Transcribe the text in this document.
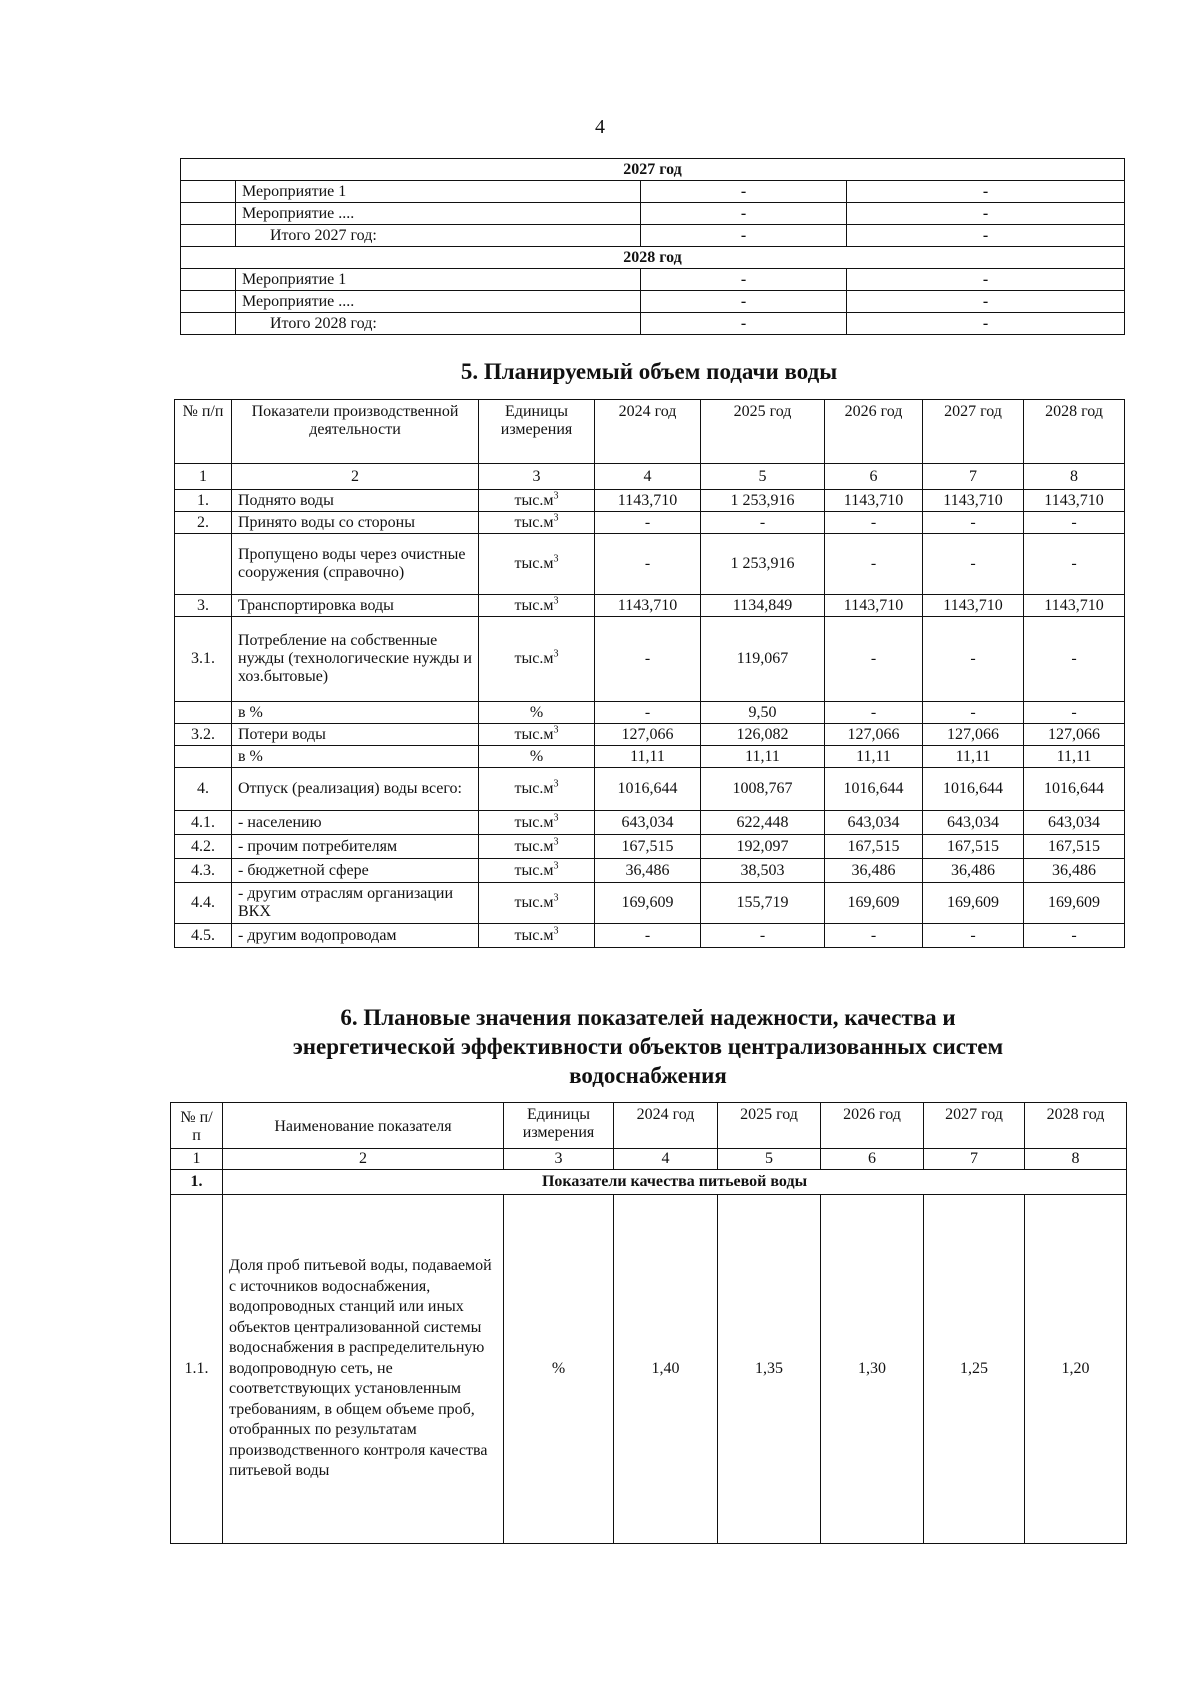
4
2027 год			
	Мероприятие 1	-	-
	Мероприятие ....	-	-
	Итого 2027 год:	-	-
2028 год			
	Мероприятие 1	-	-
	Мероприятие ....	-	-
	Итого 2028 год:	-	-
5. Планируемый объем подачи воды
№ п/п	Показатели производственной деятельности	Единицы измерения	2024 год	2025 год	2026 год	2027 год	2028 год
1	2	3	4	5	6	7	8
1.	Поднято воды	$тыс.м^3$	1143,710	1 253,916	1143,710	1143,710	1143,710
2.	Принято воды со стороны	$тыс.м^3$	-	-	-	-	-
	Пропущено воды через очистные сооружения (справочно)	$тыс.м^3$	-	1 253,916	-	-	-
3.	Транспортировка воды	$тыс.м^3$	1143,710	1134,849	1143,710	1143,710	1143,710
3.1.	Потребление на собственные нужды (технологические нужды и хоз.бытовые)	$тыс.м^3$	-	119,067	-	-	-
	в %	%	-	9,50	-	-	-
3.2.	Потери воды	$тыс.м^3$	127,066	126,082	127,066	127,066	127,066
	в %	%	11,11	11,11	11,11	11,11	11,11
4.	Отпуск (реализация) воды всего:	$тыс.м^3$	1016,644	1008,767	1016,644	1016,644	1016,644
4.1.	- населению	$тыс.м^3$	643,034	622,448	643,034	643,034	643,034
4.2.	- прочим потребителям	$тыс.м^3$	167,515	192,097	167,515	167,515	167,515
4.3.	- бюджетной сфере	$тыс.м^3$	36,486	38,503	36,486	36,486	36,486
4.4.	- другим отраслям организации ВКХ	$тыс.м^3$	169,609	155,719	169,609	169,609	169,609
4.5.	- другим водопроводам	$тыс.м^3$	-	-	-	-	-
6. Плановые значения показателей надежности, качества и
энергетической эффективности объектов централизованных систем
водоснабжения
№ п/п	Наименование показателя	Единицы измерения	2024 год	2025 год	2026 год	2027 год	2028 год
1	2	3	4	5	6	7	8
1.	Показатели качества питьевой воды						
1.1.	Доля проб питьевой воды, подаваемой с источников водоснабжения, водопроводных станций или иных объектов централизованной системы водоснабжения в распределительную водопроводную сеть, не соответствующих установленным требованиям, в общем объеме проб, отобранных по результатам производственного контроля качества питьевой воды	%	1,40	1,35	1,30	1,25	1,20
